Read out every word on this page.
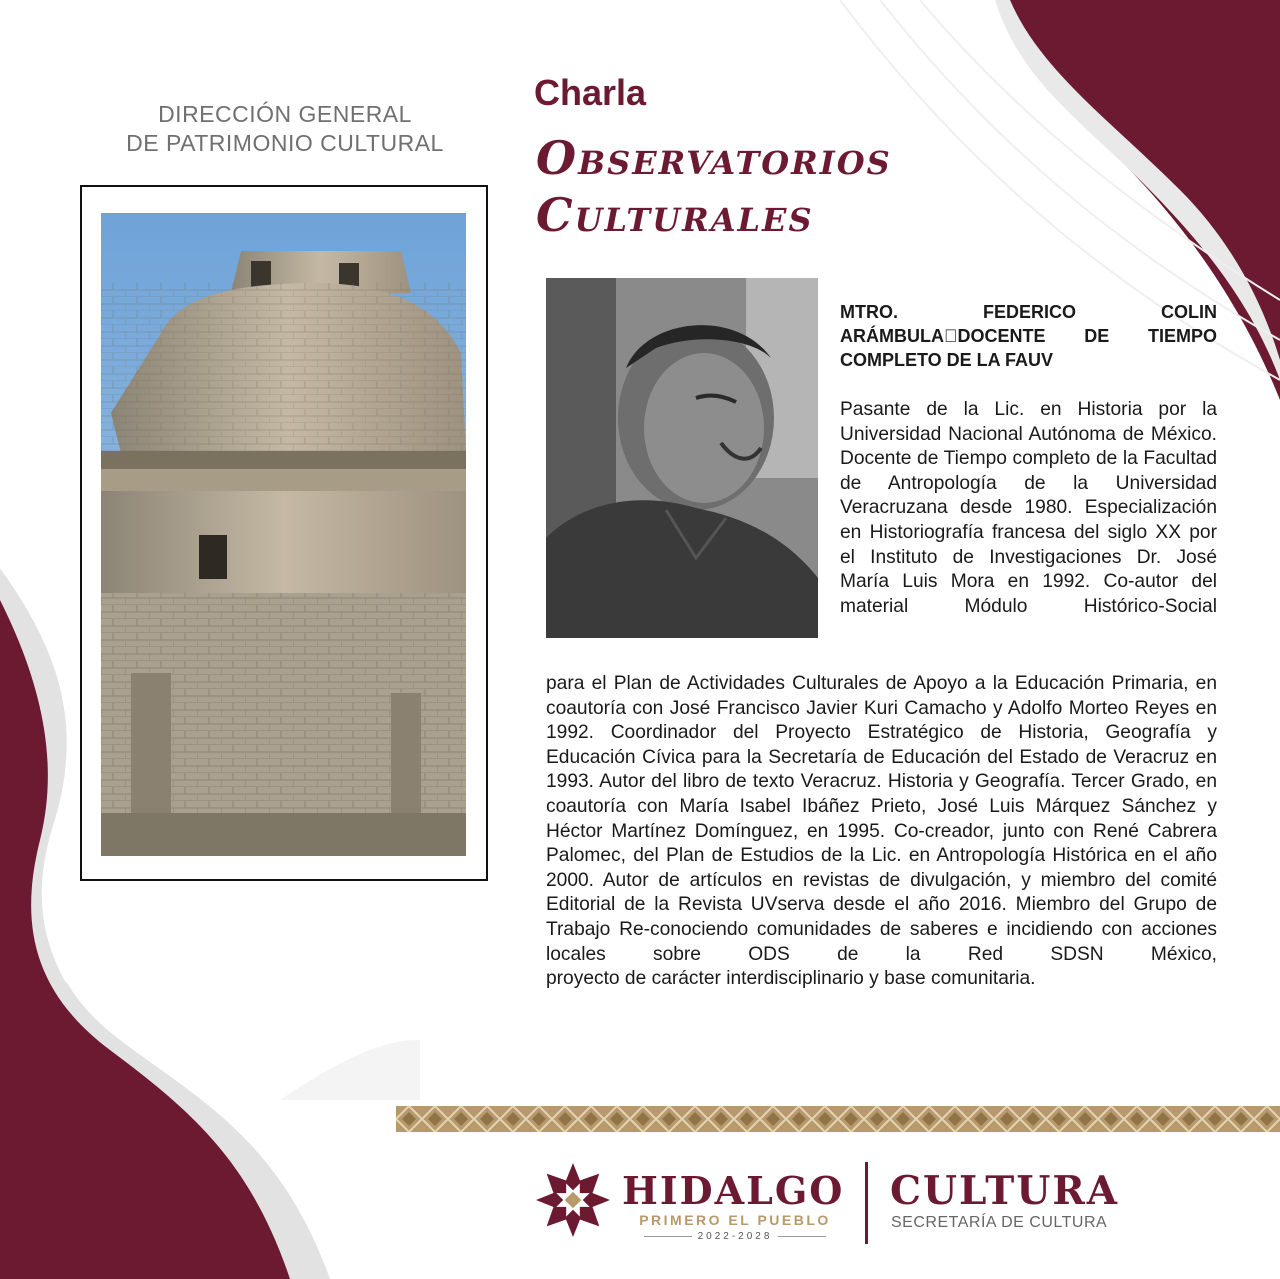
DIRECCIÓN GENERAL
DE PATRIMONIO CULTURAL
Charla
Observatorios
Culturales
MTRO. FEDERICO COLIN ARÁMBULA DOCENTE DE TIEMPO COMPLETO DE LA FAUV
Pasante de la Lic. en Historia por la Universidad Nacional Autónoma de México. Docente de Tiempo completo de la Facultad de Antropología de la Universidad Veracruzana desde 1980. Especialización en Historiografía francesa del siglo XX por el Instituto de Investigaciones Dr. José María Luis Mora en 1992. Co-autor del material Módulo Histórico-Social
para el Plan de Actividades Culturales de Apoyo a la Educación Primaria, en coautoría con José Francisco Javier Kuri Camacho y Adolfo Morteo Reyes en 1992. Coordinador del Proyecto Estratégico de Historia, Geografía y Educación Cívica para la Secretaría de Educación del Estado de Veracruz en 1993. Autor del libro de texto Veracruz. Historia y Geografía. Tercer Grado, en coautoría con María Isabel Ibáñez Prieto, José Luis Márquez Sánchez y Héctor Martínez Domínguez, en 1995. Co-creador, junto con René Cabrera Palomec, del Plan de Estudios de la Lic. en Antropología Histórica en el año 2000. Autor de artículos en revistas de divulgación, y miembro del comité Editorial de la Revista UVserva desde el año 2016. Miembro del Grupo de Trabajo Re-conociendo comunidades de saberes e incidiendo con acciones locales sobre ODS de la Red SDSN México,
proyecto de carácter interdisciplinario y base comunitaria.
HIDALGO
PRIMERO EL PUEBLO
2022-2028
CULTURA
SECRETARÍA DE CULTURA
